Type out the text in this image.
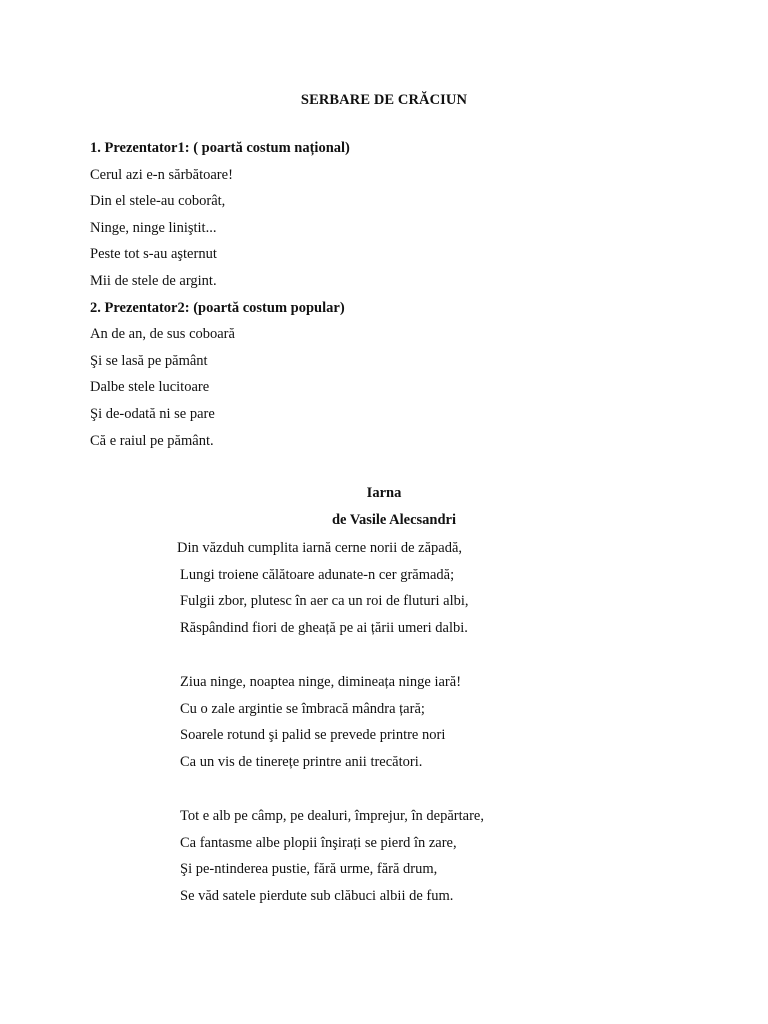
SERBARE DE CRĂCIUN
1. Prezentator1: ( poartă costum național)
Cerul azi e-n sărbătoare!
Din el stele-au coborât,
Ninge, ninge liniştit...
Peste tot s-au aşternut
Mii de stele de argint.
2. Prezentator2: (poartă costum popular)
An de an, de sus coboară
Şi se lasă pe pământ
Dalbe stele lucitoare
Şi de-odată ni se pare
Că e raiul pe pământ.
Iarna
de Vasile Alecsandri
Din văzduh cumplita iarnă cerne norii de zăpadă,
Lungi troiene călătoare adunate-n cer grămadă;
Fulgii zbor, plutesc în aer ca un roi de fluturi albi,
Răspândind fiori de gheață pe ai țării umeri dalbi.
Ziua ninge, noaptea ninge, dimineața ninge iară!
Cu o zale argintie se îmbracă mândra țară;
Soarele rotund şi palid se prevede printre nori
Ca un vis de tinerețe printre anii trecători.
Tot e alb pe câmp, pe dealuri, împrejur, în depărtare,
Ca fantasme albe plopii înşirați se pierd în zare,
Şi pe-ntinderea pustie, fără urme, fără drum,
Se văd satele pierdute sub clăbuci albii de fum.
